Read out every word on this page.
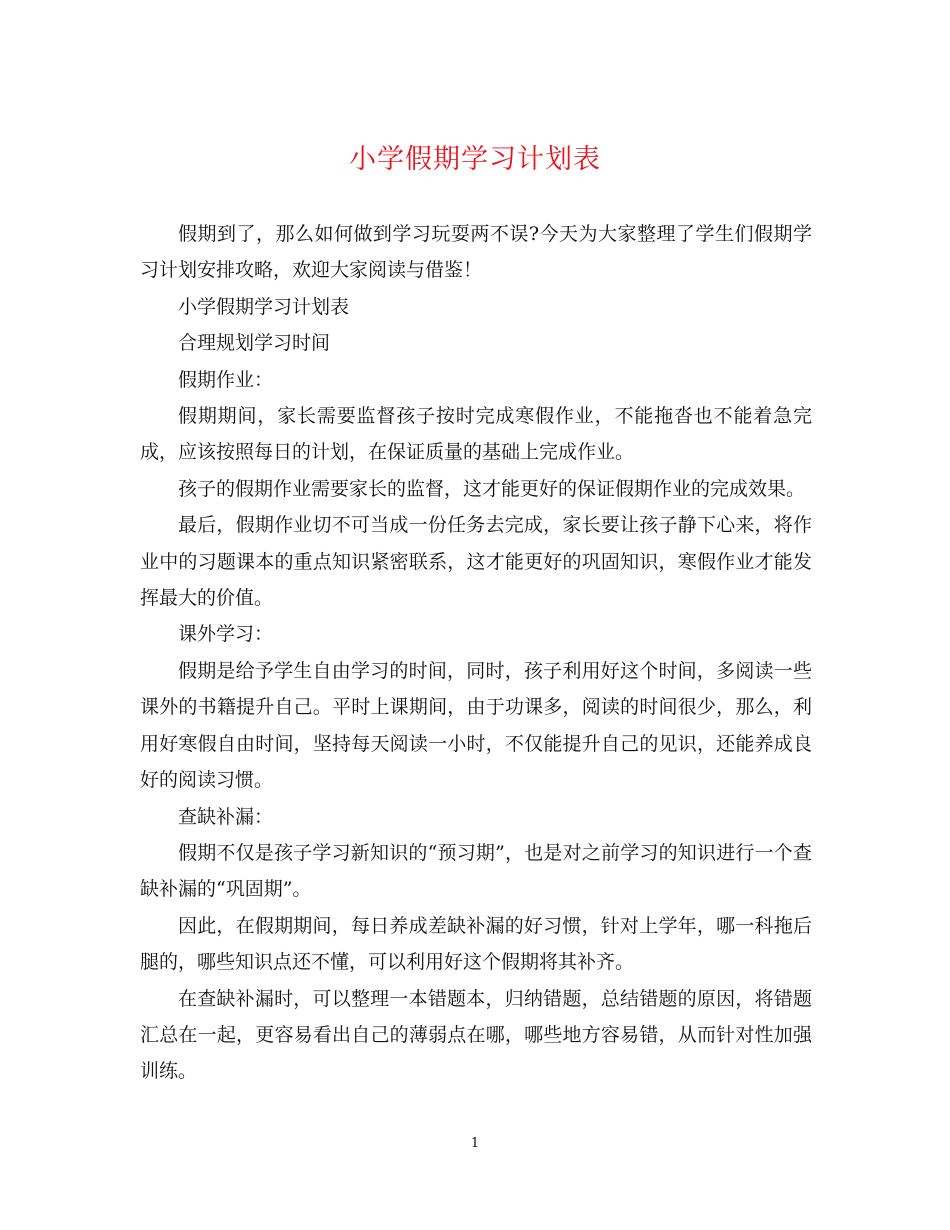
小学假期学习计划表

假期到了，那么如何做到学习玩耍两不误?今天为大家整理了学生们假期学习计划安排攻略，欢迎大家阅读与借鉴！

小学假期学习计划表

合理规划学习时间

假期作业：

假期期间，家长需要监督孩子按时完成寒假作业，不能拖沓也不能着急完成，应该按照每日的计划，在保证质量的基础上完成作业。

孩子的假期作业需要家长的监督，这才能更好的保证假期作业的完成效果。

最后，假期作业切不可当成一份任务去完成，家长要让孩子静下心来，将作业中的习题课本的重点知识紧密联系，这才能更好的巩固知识，寒假作业才能发挥最大的价值。

课外学习：

假期是给予学生自由学习的时间，同时，孩子利用好这个时间，多阅读一些课外的书籍提升自己。平时上课期间，由于功课多，阅读的时间很少，那么，利用好寒假自由时间，坚持每天阅读一小时，不仅能提升自己的见识，还能养成良好的阅读习惯。

查缺补漏：

假期不仅是孩子学习新知识的“预习期”，也是对之前学习的知识进行一个查缺补漏的“巩固期”。

因此，在假期期间，每日养成差缺补漏的好习惯，针对上学年，哪一科拖后腿的，哪些知识点还不懂，可以利用好这个假期将其补齐。

在查缺补漏时，可以整理一本错题本，归纳错题，总结错题的原因，将错题汇总在一起，更容易看出自己的薄弱点在哪，哪些地方容易错，从而针对性加强训练。

1
